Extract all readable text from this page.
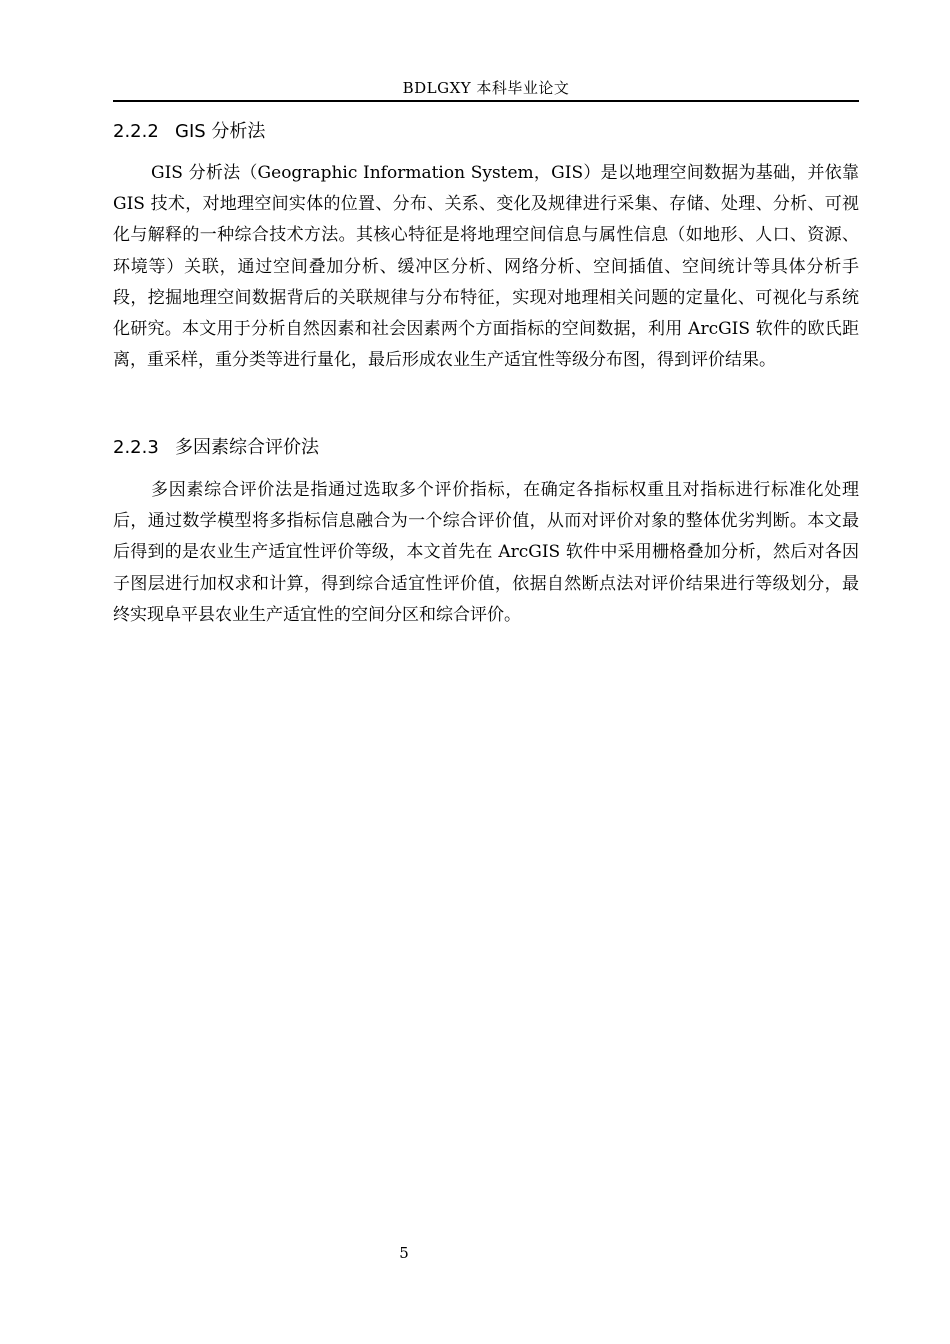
BDLGXY 本科毕业论文
2.2.2 GIS 分析法

GIS 分析法（Geographic Information System，GIS）是以地理空间数据为基础，并依靠 GIS 技术，对地理空间实体的位置、分布、关系、变化及规律进行采集、存储、处理、分析、可视化与解释的一种综合技术方法。其核心特征是将地理空间信息与属性信息（如地形、人口、资源、环境等）关联，通过空间叠加分析、缓冲区分析、网络分析、空间插值、空间统计等具体分析手段，挖掘地理空间数据背后的关联规律与分布特征，实现对地理相关问题的定量化、可视化与系统化研究。本文用于分析自然因素和社会因素两个方面指标的空间数据，利用 ArcGIS 软件的欧氏距离，重采样，重分类等进行量化，最后形成农业生产适宜性等级分布图，得到评价结果。

2.2.3 多因素综合评价法

多因素综合评价法是指通过选取多个评价指标，在确定各指标权重且对指标进行标准化处理后，通过数学模型将多指标信息融合为一个综合评价值，从而对评价对象的整体优劣判断。本文最后得到的是农业生产适宜性评价等级，本文首先在 ArcGIS 软件中采用栅格叠加分析，然后对各因子图层进行加权求和计算，得到综合适宜性评价值，依据自然断点法对评价结果进行等级划分，最终实现阜平县农业生产适宜性的空间分区和综合评价。

5
